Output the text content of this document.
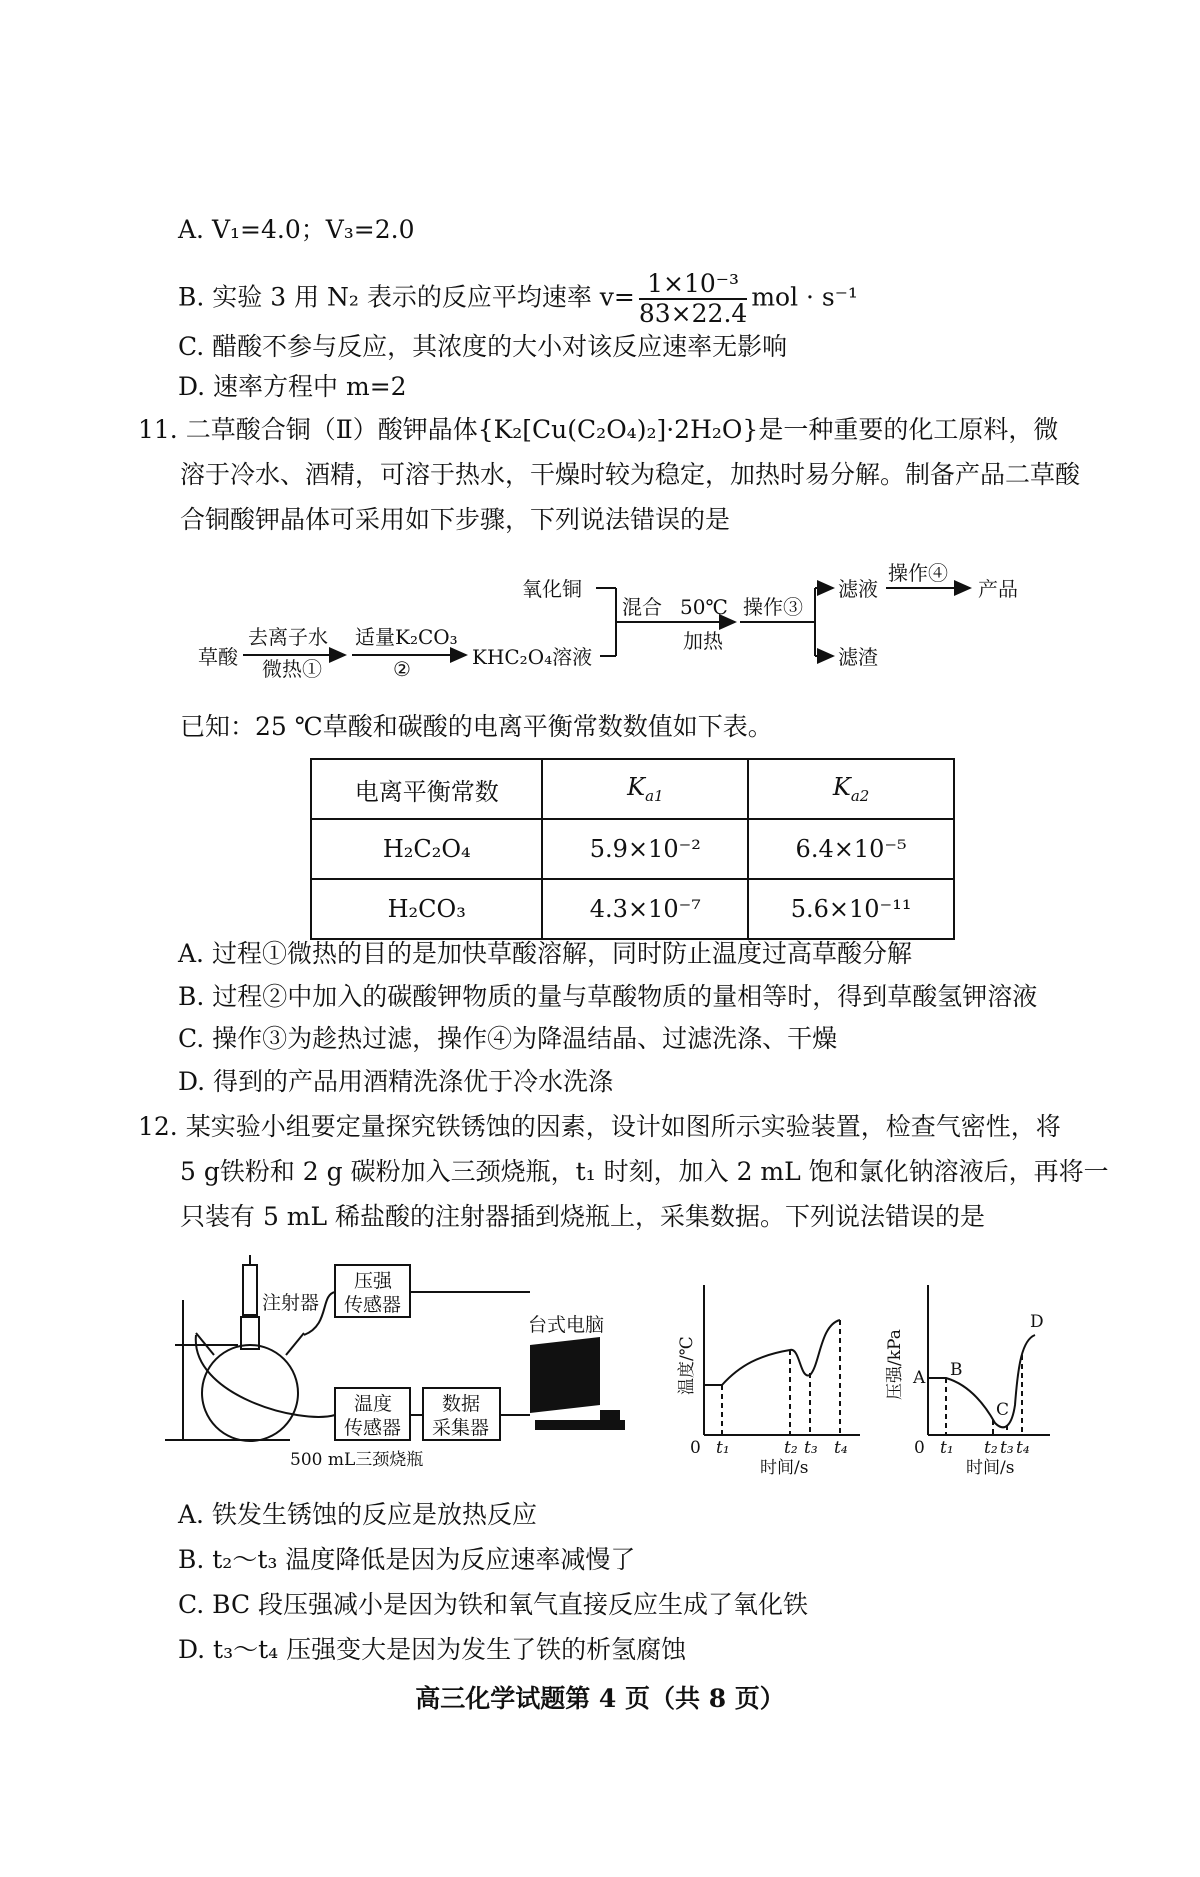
A. V₁=4.0；V₃=2.0
B. 实验 3 用 N₂ 表示的反应平均速率 $v= \frac{\text{1×10⁻³}}{83\times 22.4}$ mol · s⁻¹
C. 醋酸不参与反应，其浓度的大小对该反应速率无影响
D. 速率方程中 m=2
11. 二草酸合铜（Ⅱ）酸钾晶体{K₂[Cu(C₂O₄)₂]·2H₂O}是一种重要的化工原料，微
溶于冷水、酒精，可溶于热水，干燥时较为稳定，加热时易分解。制备产品二草酸
合铜酸钾晶体可采用如下步骤，下列说法错误的是
草酸
去离子水
微热①
适量K₂CO₃
②	KHC₂O₄溶液
氧化铜
混合 50℃
加热
操作③
滤液
操作④
产品
滤渣
已知：25 ℃草酸和碳酸的电离平衡常数数值如下表。
电离平衡常数	$K_{a1}$	$K_{a2}$
H₂C₂O₄	5.9×10⁻²	6.4×10⁻⁵
H₂CO₃	4.3×10⁻⁷	5.6×10⁻¹¹
A. 过程①微热的目的是加快草酸溶解，同时防止温度过高草酸分解
B. 过程②中加入的碳酸钾物质的量与草酸物质的量相等时，得到草酸氢钾溶液
C. 操作③为趁热过滤，操作④为降温结晶、过滤洗涤、干燥
D. 得到的产品用酒精洗涤优于冷水洗涤
12. 某实验小组要定量探究铁锈蚀的因素，设计如图所示实验装置，检查气密性，将
5 g铁粉和 2 g 碳粉加入三颈烧瓶，t₁ 时刻，加入 2 mL 饱和氯化钠溶液后，再将一
只装有 5 mL 稀盐酸的注射器插到烧瓶上，采集数据。下列说法错误的是
注射器
压强
传感器
温度
传感器
数据
采集器
台式电脑
500 mL三颈烧瓶
0 t₁	t₂ t₃ t₄
时间/s
温度/℃
0 t₁ t₂ t₃ t₄
时间/s
压强/kPa A B
C
D
A. 铁发生锈蚀的反应是放热反应
B. t₂～t₃ 温度降低是因为反应速率减慢了
C. BC 段压强减小是因为铁和氧气直接反应生成了氧化铁
D. t₃～t₄ 压强变大是因为发生了铁的析氢腐蚀
高三化学试题第 4 页（共 8 页）
